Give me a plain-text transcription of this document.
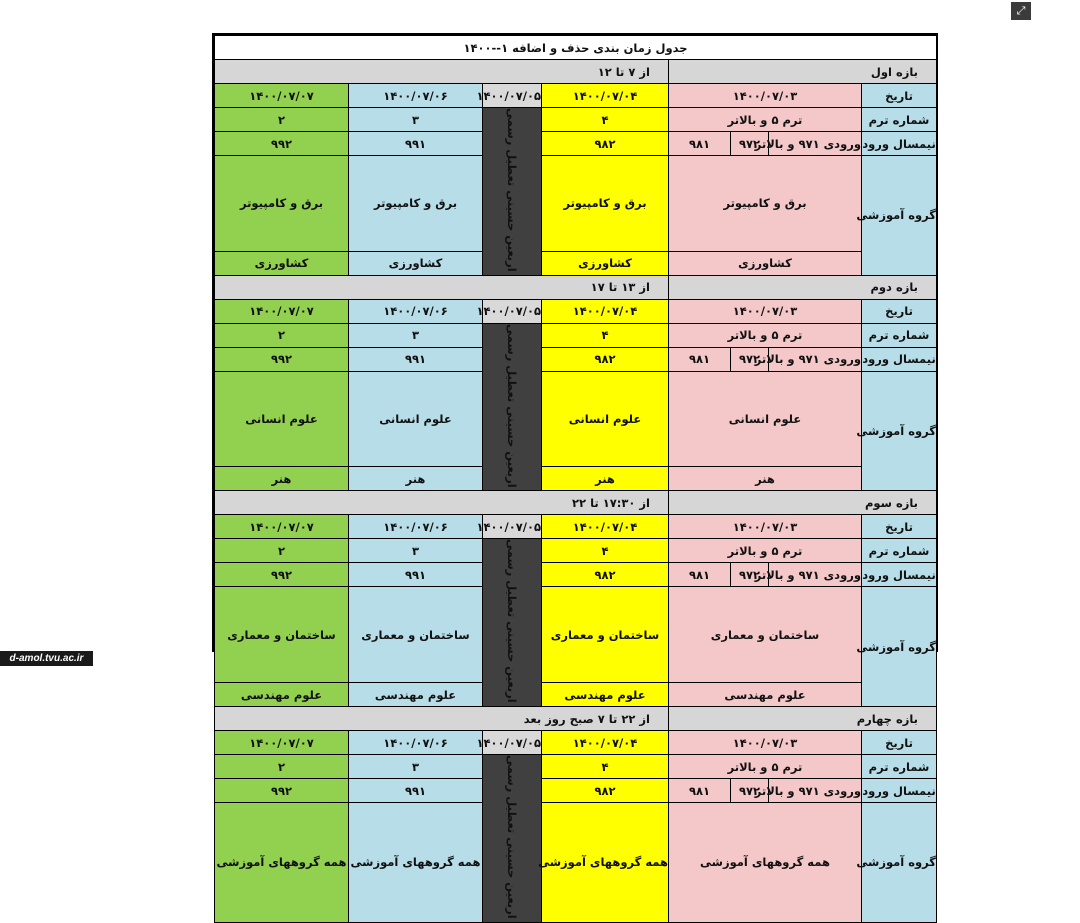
⤢
d-amol.tvu.ac.ir
جدول زمان بندی حذف و اضافه ۱--۱۴۰۰							
بازه اول				از ۷ تا ۱۲			
تاریخ	۱۴۰۰/۰۷/۰۳			۱۴۰۰/۰۷/۰۴	۱۴۰۰/۰۷/۰۵	۱۴۰۰/۰۷/۰۶	۱۴۰۰/۰۷/۰۷
شماره ترم	ترم ۵ و بالاتر			۴	اربعین حسینی تعطیل رسمی	۳	۲
نیمسال ورود	ورودی ۹۷۱ و بالاتر	۹۷۲	۹۸۱	۹۸۲		۹۹۱	۹۹۲
گروه آموزشی	برق و کامپیوتر			برق و کامپیوتر		برق و کامپیوتر	برق و کامپیوتر
	کشاورزی			کشاورزی		کشاورزی	کشاورزی
بازه دوم				از ۱۳ تا ۱۷			
تاریخ	۱۴۰۰/۰۷/۰۳			۱۴۰۰/۰۷/۰۴	۱۴۰۰/۰۷/۰۵	۱۴۰۰/۰۷/۰۶	۱۴۰۰/۰۷/۰۷
شماره ترم	ترم ۵ و بالاتر			۴	اربعین حسینی تعطیل رسمی	۳	۲
نیمسال ورود	ورودی ۹۷۱ و بالاتر	۹۷۲	۹۸۱	۹۸۲		۹۹۱	۹۹۲
گروه آموزشی	علوم انسانی			علوم انسانی		علوم انسانی	علوم انسانی
	هنر			هنر		هنر	هنر
بازه سوم				از ۱۷:۳۰ تا ۲۲			
تاریخ	۱۴۰۰/۰۷/۰۳			۱۴۰۰/۰۷/۰۴	۱۴۰۰/۰۷/۰۵	۱۴۰۰/۰۷/۰۶	۱۴۰۰/۰۷/۰۷
شماره ترم	ترم ۵ و بالاتر			۴	اربعین حسینی تعطیل رسمی	۳	۲
نیمسال ورود	ورودی ۹۷۱ و بالاتر	۹۷۲	۹۸۱	۹۸۲		۹۹۱	۹۹۲
گروه آموزشی	ساختمان و معماری			ساختمان و معماری		ساختمان و معماری	ساختمان و معماری
	علوم مهندسی			علوم مهندسی		علوم مهندسی	علوم مهندسی
بازه چهارم				از ۲۲ تا ۷ صبح روز بعد			
تاریخ	۱۴۰۰/۰۷/۰۳			۱۴۰۰/۰۷/۰۴	۱۴۰۰/۰۷/۰۵	۱۴۰۰/۰۷/۰۶	۱۴۰۰/۰۷/۰۷
شماره ترم	ترم ۵ و بالاتر			۴	اربعین حسینی تعطیل رسمی	۳	۲
نیمسال ورود	ورودی ۹۷۱ و بالاتر	۹۷۲	۹۸۱	۹۸۲		۹۹۱	۹۹۲
گروه آموزشی	همه گروههای آموزشی			همه گروههای آموزشی		همه گروههای آموزشی	همه گروههای آموزشی
